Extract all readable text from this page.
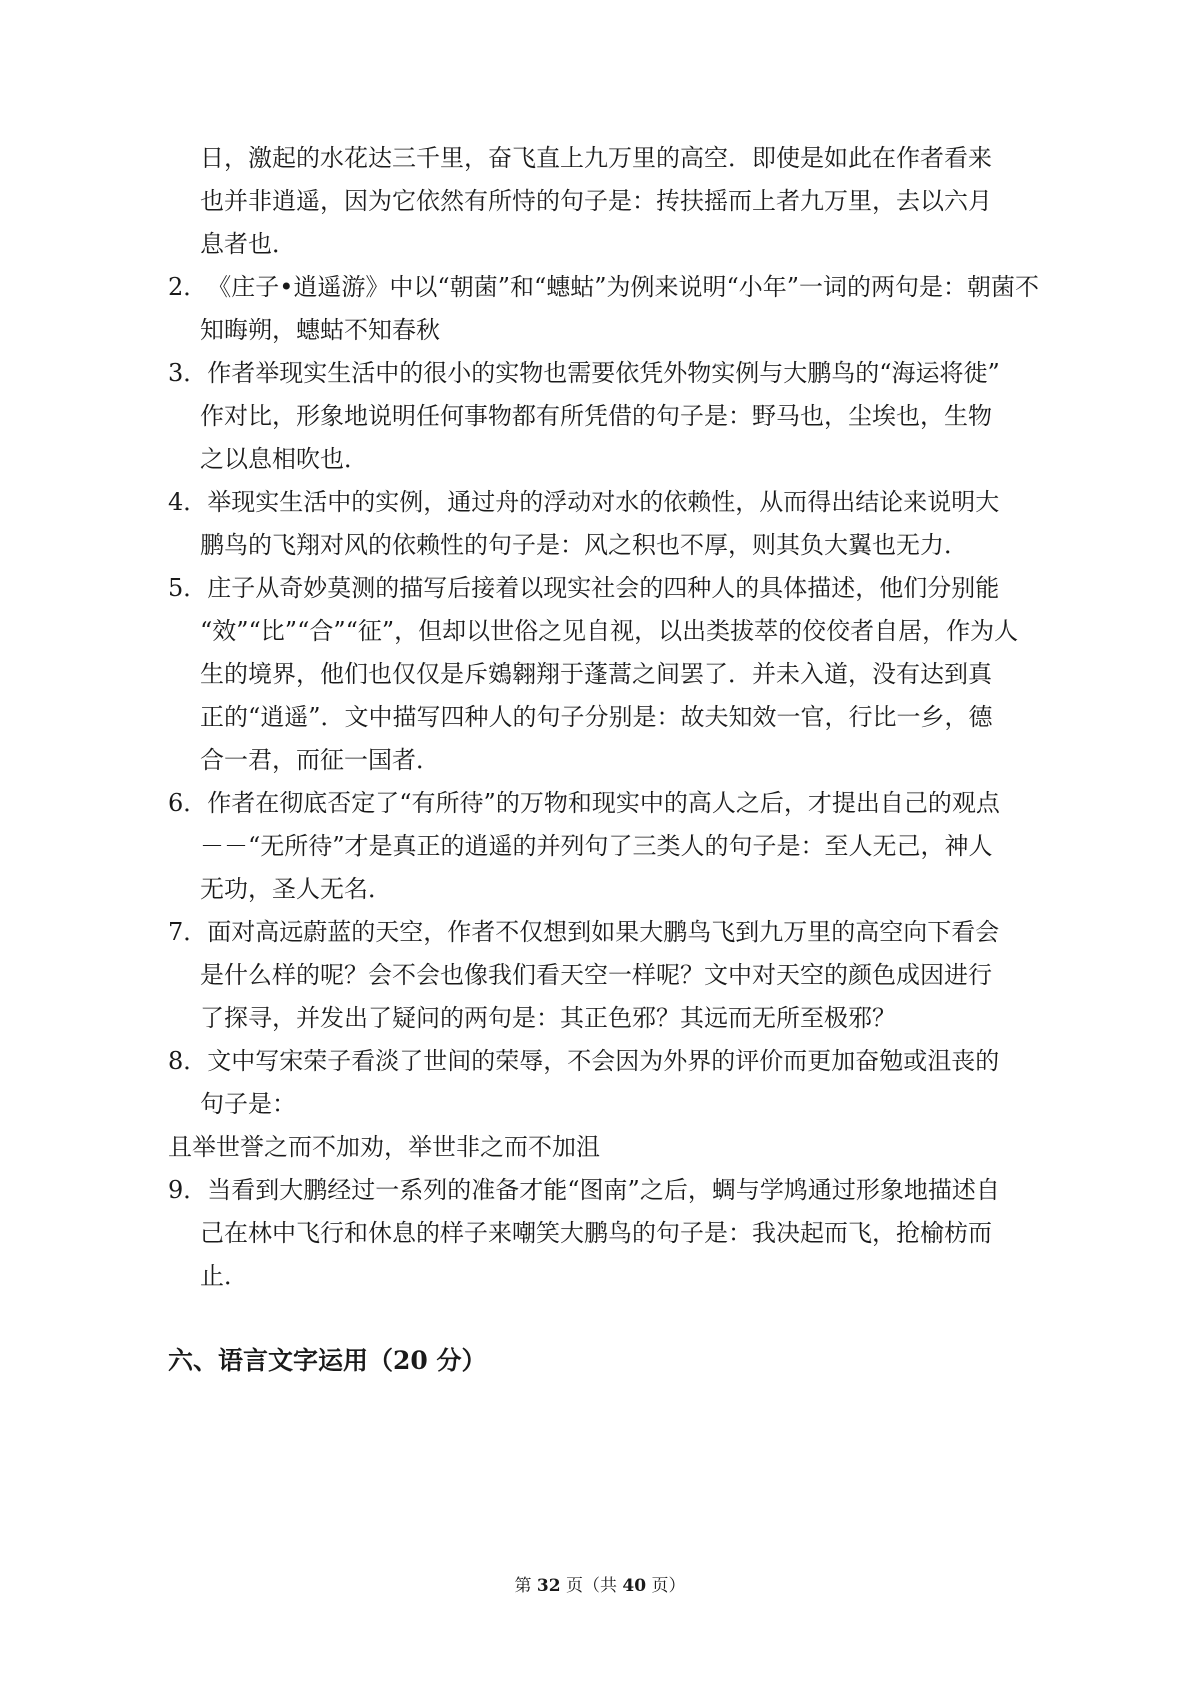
日，激起的水花达三千里，奋飞直上九万里的高空．即使是如此在作者看来
也并非逍遥，因为它依然有所恃的句子是：抟扶摇而上者九万里，去以六月
息者也．
2．《庄子•逍遥游》中以“朝菌”和“蟪蛄”为例来说明“小年”一词的两句是：朝菌不
知晦朔，蟪蛄不知春秋
3．作者举现实生活中的很小的实物也需要依凭外物实例与大鹏鸟的“海运将徙”
作对比，形象地说明任何事物都有所凭借的句子是：野马也，尘埃也，生物
之以息相吹也．
4．举现实生活中的实例，通过舟的浮动对水的依赖性，从而得出结论来说明大
鹏鸟的飞翔对风的依赖性的句子是：风之积也不厚，则其负大翼也无力．
5．庄子从奇妙莫测的描写后接着以现实社会的四种人的具体描述，他们分别能
“效”“比”“合”“征”，但却以世俗之见自视，以出类拔萃的佼佼者自居，作为人
生的境界，他们也仅仅是斥鴳翱翔于蓬蒿之间罢了．并未入道，没有达到真
正的“逍遥”．文中描写四种人的句子分别是：故夫知效一官，行比一乡，德
合一君，而征一国者．
6．作者在彻底否定了“有所待”的万物和现实中的高人之后，才提出自己的观点
－－“无所待”才是真正的逍遥的并列句了三类人的句子是：至人无己，神人
无功，圣人无名．
7．面对高远蔚蓝的天空，作者不仅想到如果大鹏鸟飞到九万里的高空向下看会
是什么样的呢？会不会也像我们看天空一样呢？文中对天空的颜色成因进行
了探寻，并发出了疑问的两句是：其正色邪？其远而无所至极邪？
8．文中写宋荣子看淡了世间的荣辱，不会因为外界的评价而更加奋勉或沮丧的
句子是：
且举世誉之而不加劝，举世非之而不加沮
9．当看到大鹏经过一系列的准备才能“图南”之后，蜩与学鸠通过形象地描述自
己在林中飞行和休息的样子来嘲笑大鹏鸟的句子是：我决起而飞，抢榆枋而
止．
六、语言文字运用（20 分）
第 32 页（共 40 页）
